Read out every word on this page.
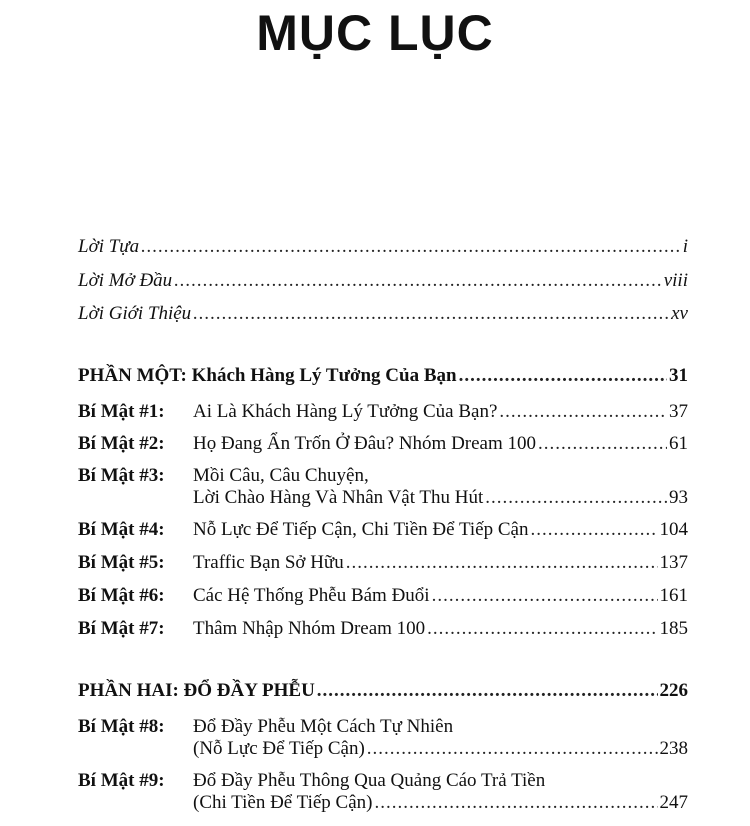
MỤC LỤC
Lời Tựa .....	i
Lời Mở Đầu .....	viii
Lời Giới Thiệu .....	xv
PHẦN MỘT: Khách Hàng Lý Tưởng Của Bạn .....	31
Bí Mật #1:	Ai Là Khách Hàng Lý Tưởng Của Bạn? .....	37
Bí Mật #2:	Họ Đang Ẩn Trốn Ở Đâu? Nhóm Dream 100 .....	61
Bí Mật #3:	Mồi Câu, Câu Chuyện,
Lời Chào Hàng Và Nhân Vật Thu Hút .....	93
Bí Mật #4:	Nỗ Lực Để Tiếp Cận, Chi Tiền Để Tiếp Cận .....	104
Bí Mật #5:	Traffic Bạn Sở Hữu .....	137
Bí Mật #6:	Các Hệ Thống Phễu Bám Đuổi .....	161
Bí Mật #7:	Thâm Nhập Nhóm Dream 100 .....	185
PHẦN HAI: ĐỔ ĐẦY PHỄU .....	226
Bí Mật #8:	Đổ Đầy Phễu Một Cách Tự Nhiên
(Nỗ Lực Để Tiếp Cận) .....	238
Bí Mật #9:	Đổ Đầy Phễu Thông Qua Quảng Cáo Trả Tiền
(Chi Tiền Để Tiếp Cận) .....	247
